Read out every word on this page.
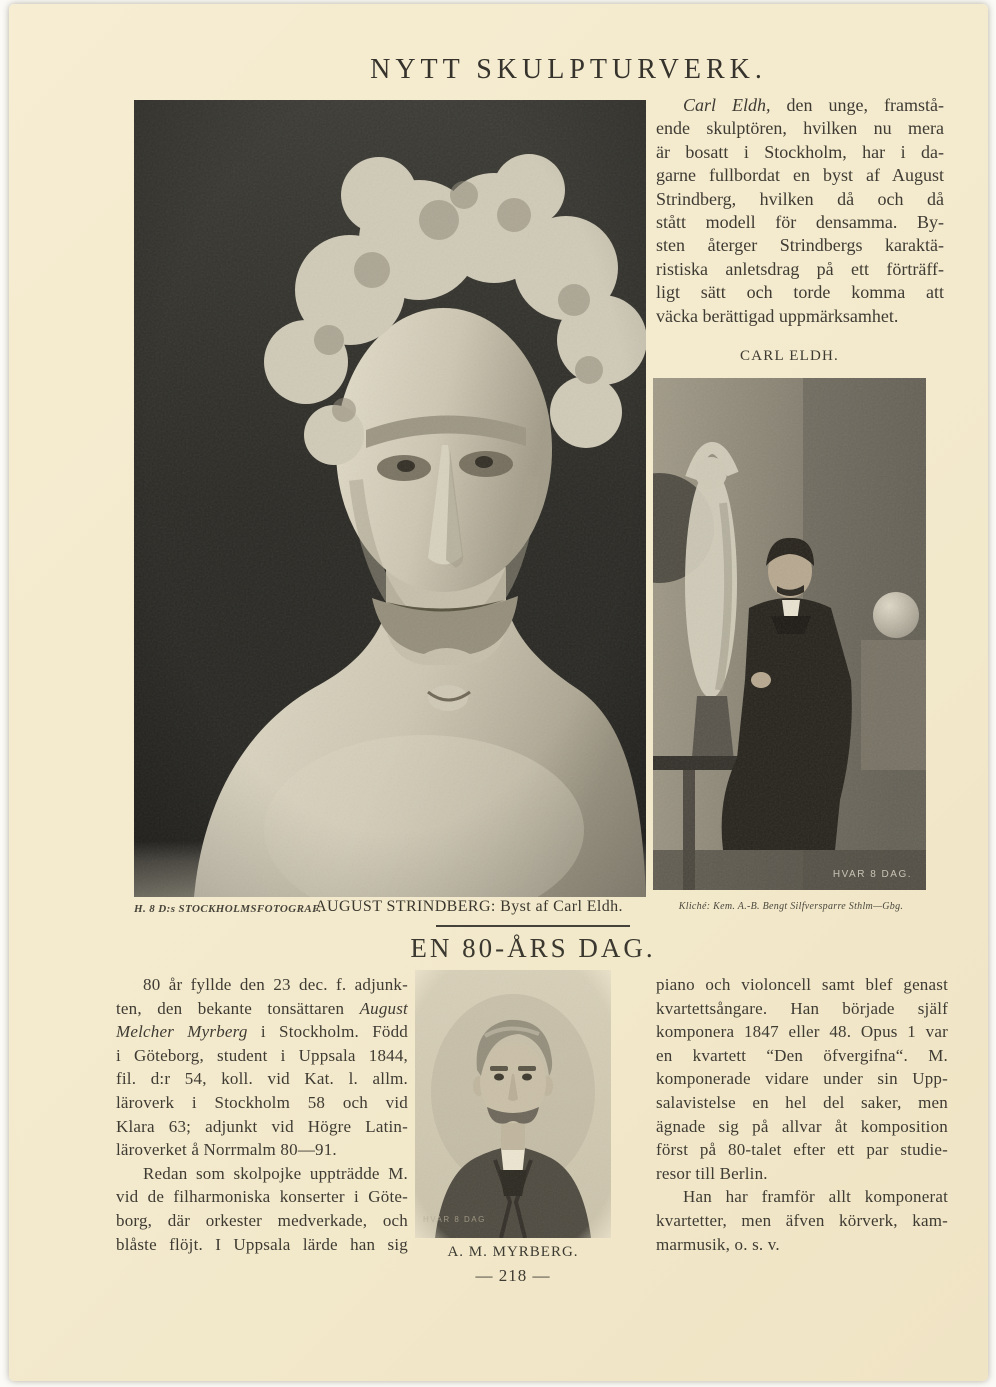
NYTT SKULPTURVERK.
Carl Eldh, den unge, framstå-
ende skulptören, hvilken nu mera
är bosatt i Stockholm, har i da-
garne fullbordat en byst af August
Strindberg, hvilken då och då
stått modell för densamma. By-
sten återger Strindbergs karaktä-
ristiska anletsdrag på ett förträff-
ligt sätt och torde komma att
väcka berättigad uppmärksamhet.
CARL ELDH.
HVAR 8 DAG.
H. 8 D:s STOCKHOLMSFOTOGRAF.
AUGUST STRINDBERG: Byst af Carl Eldh.	Kliché: Kem. A.-B. Bengt Silfversparre Sthlm—Gbg.
EN 80-ÅRS DAG.
80 år fyllde den 23 dec. f. adjunk-
ten, den bekante tonsättaren August
Melcher Myrberg i Stockholm. Född
i Göteborg, student i Uppsala 1844,
fil. d:r 54, koll. vid Kat. l. allm.
läroverk i Stockholm 58 och vid
Klara 63; adjunkt vid Högre Latin-
läroverket å Norrmalm 80—91.
Redan som skolpojke uppträdde M.
vid de filharmoniska konserter i Göte-
borg, där orkester medverkade, och
blåste flöjt. I Uppsala lärde han sig
HVAR 8 DAG
A. M. MYRBERG.
piano och violoncell samt blef genast
kvartettsångare. Han började själf
komponera 1847 eller 48. Opus 1 var
en kvartett “Den öfvergifna“. M.
komponerade vidare under sin Upp-
salavistelse en hel del saker, men
ägnade sig på allvar åt komposition
först på 80-talet efter ett par studie-
resor till Berlin.
Han har framför allt komponerat
kvartetter, men äfven körverk, kam-
marmusik, o. s. v.
— 218 —
